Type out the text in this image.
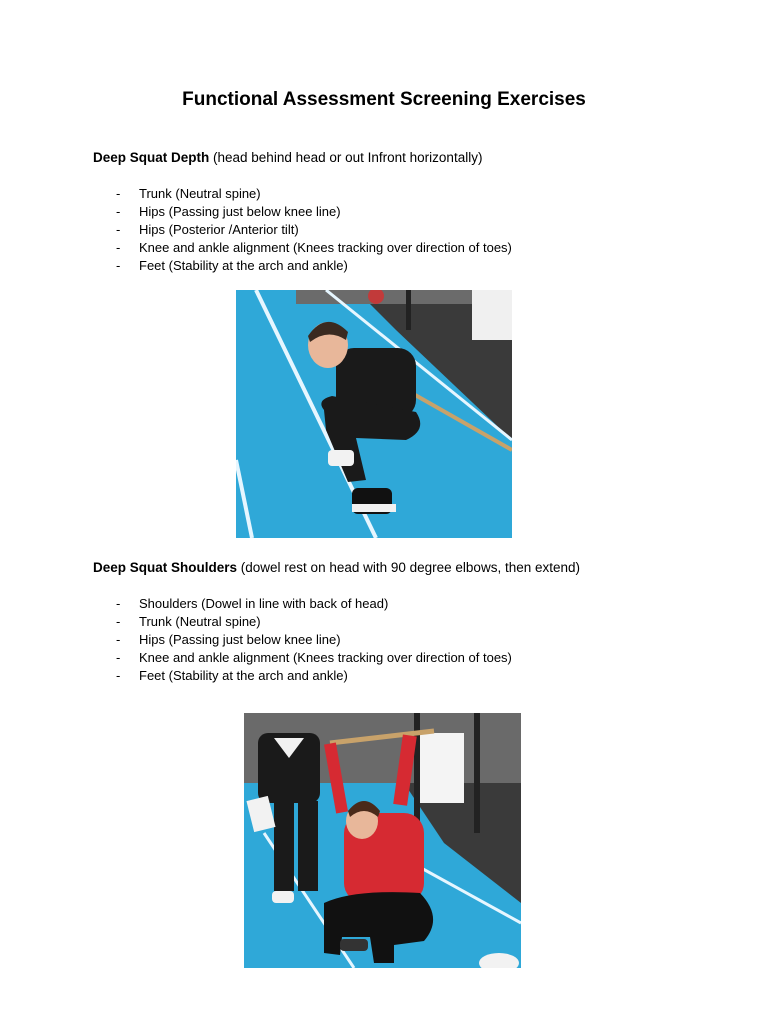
Functional Assessment Screening Exercises
Deep Squat Depth (head behind head or out Infront horizontally)
- Trunk (Neutral spine)
- Hips (Passing just below knee line)
- Hips (Posterior /Anterior tilt)
- Knee and ankle alignment (Knees tracking over direction of toes)
- Feet (Stability at the arch and ankle)
Deep Squat Shoulders (dowel rest on head with 90 degree elbows, then extend)
- Shoulders (Dowel in line with back of head)
- Trunk (Neutral spine)
- Hips (Passing just below knee line)
- Knee and ankle alignment (Knees tracking over direction of toes)
- Feet (Stability at the arch and ankle)
